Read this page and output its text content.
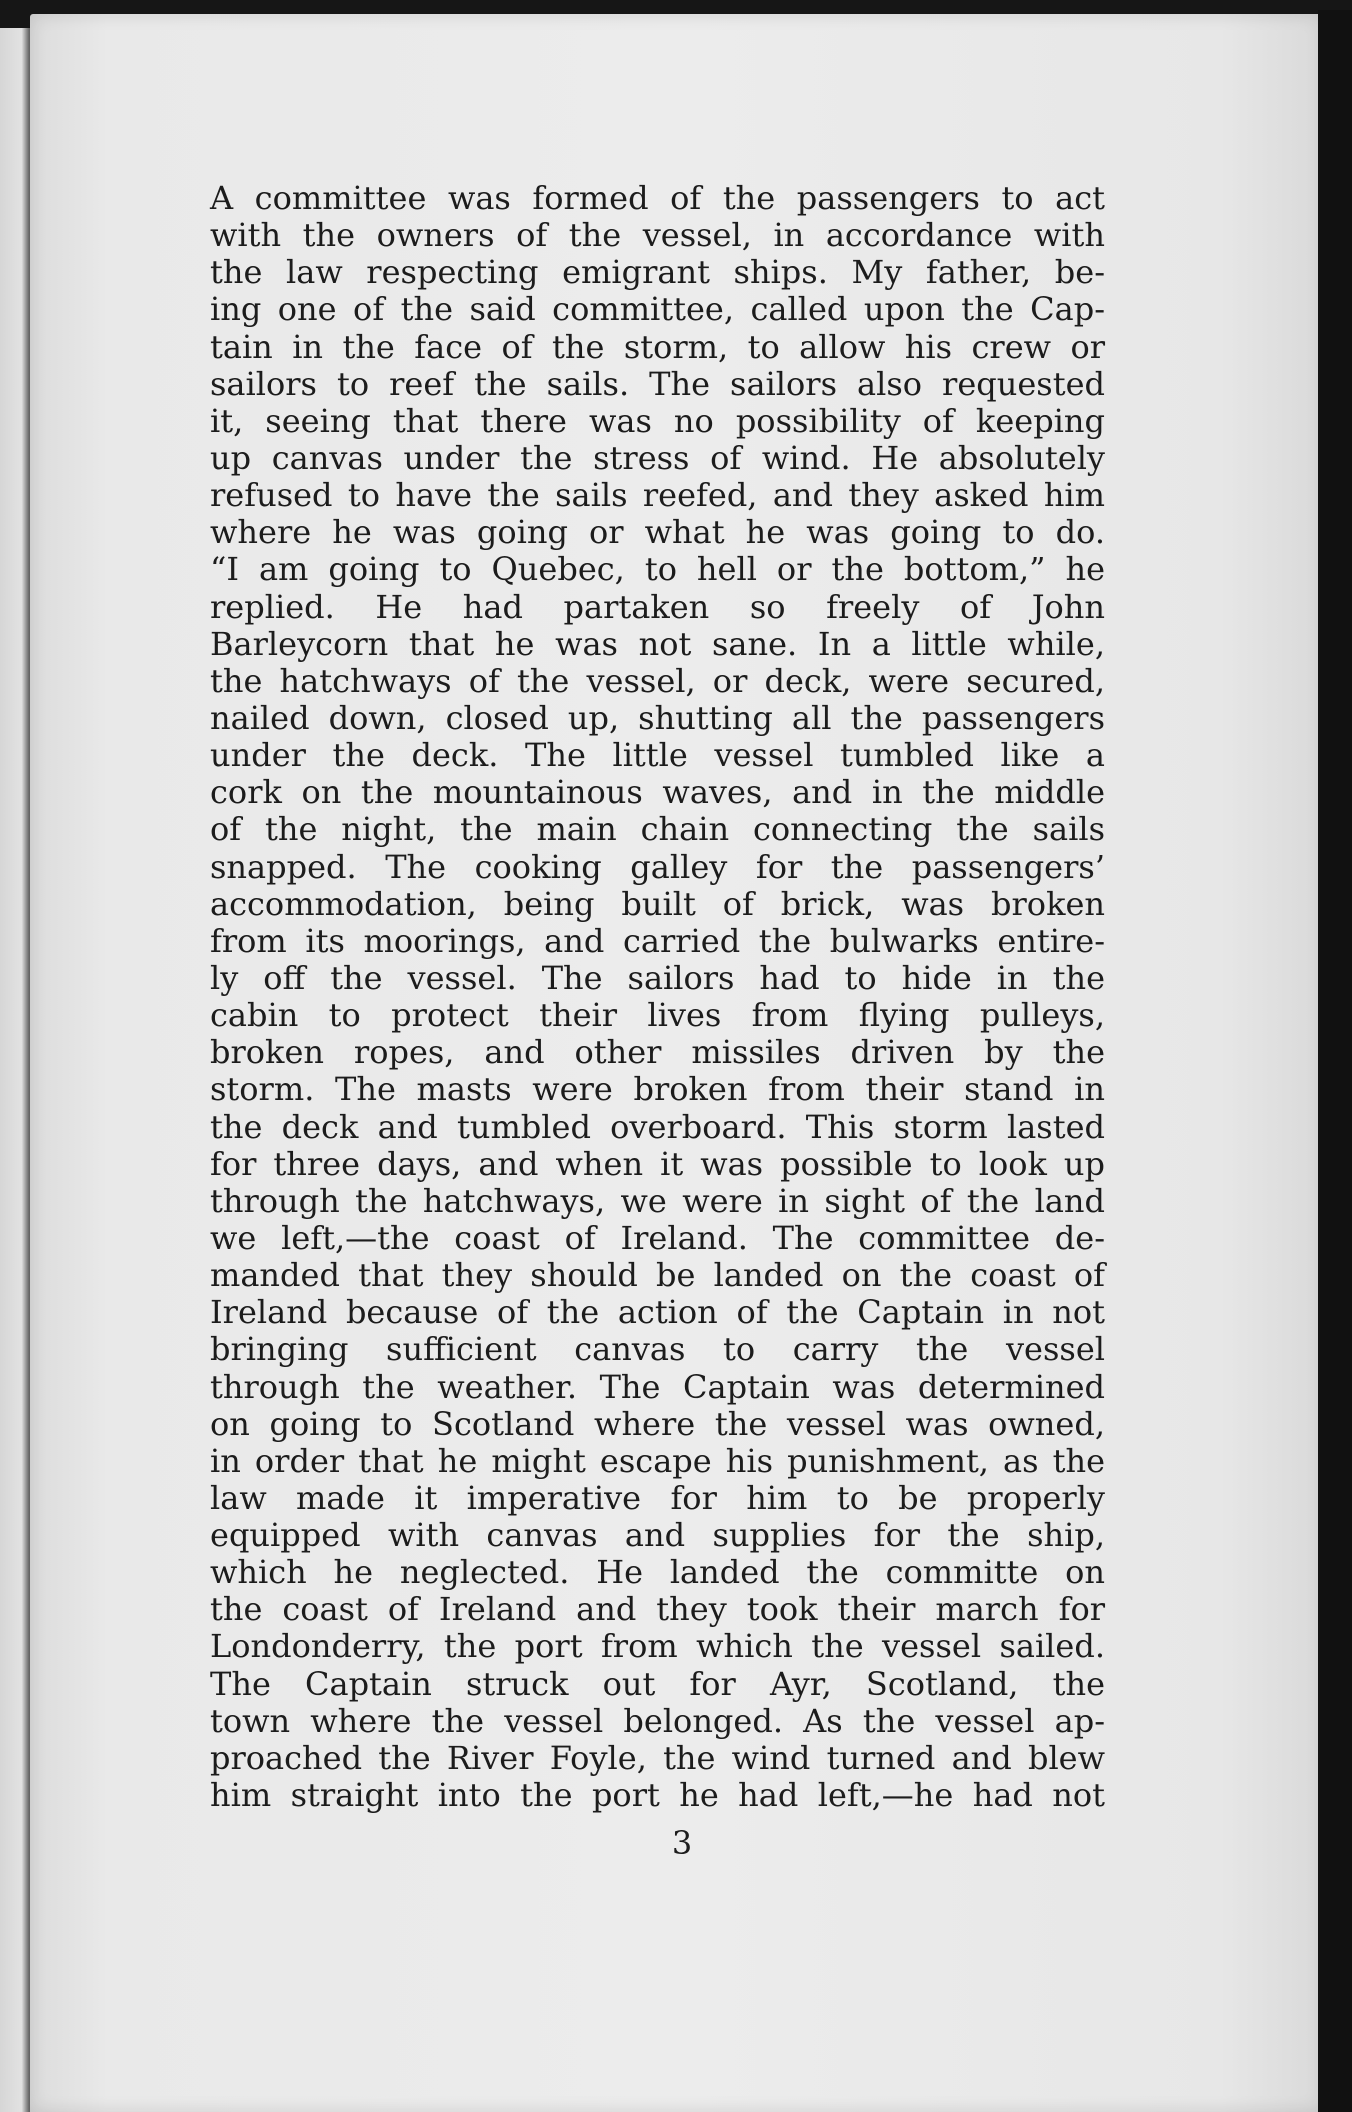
A committee was formed of the passengers to act
with the owners of the vessel, in accordance with
the law respecting emigrant ships. My father, be-
ing one of the said committee, called upon the Cap-
tain in the face of the storm, to allow his crew or
sailors to reef the sails. The sailors also requested
it, seeing that there was no possibility of keeping
up canvas under the stress of wind. He absolutely
refused to have the sails reefed, and they asked him
where he was going or what he was going to do.
“I am going to Quebec, to hell or the bottom,” he
replied. He had partaken so freely of John
Barleycorn that he was not sane. In a little while,
the hatchways of the vessel, or deck, were secured,
nailed down, closed up, shutting all the passengers
under the deck. The little vessel tumbled like a
cork on the mountainous waves, and in the middle
of the night, the main chain connecting the sails
snapped. The cooking galley for the passengers’
accommodation, being built of brick, was broken
from its moorings, and carried the bulwarks entire-
ly off the vessel. The sailors had to hide in the
cabin to protect their lives from flying pulleys,
broken ropes, and other missiles driven by the
storm. The masts were broken from their stand in
the deck and tumbled overboard. This storm lasted
for three days, and when it was possible to look up
through the hatchways, we were in sight of the land
we left,—the coast of Ireland. The committee de-
manded that they should be landed on the coast of
Ireland because of the action of the Captain in not
bringing sufficient canvas to carry the vessel
through the weather. The Captain was determined
on going to Scotland where the vessel was owned,
in order that he might escape his punishment, as the
law made it imperative for him to be properly
equipped with canvas and supplies for the ship,
which he neglected. He landed the committe on
the coast of Ireland and they took their march for
Londonderry, the port from which the vessel sailed.
The Captain struck out for Ayr, Scotland, the
town where the vessel belonged. As the vessel ap-
proached the River Foyle, the wind turned and blew
him straight into the port he had left,—he had not
3
